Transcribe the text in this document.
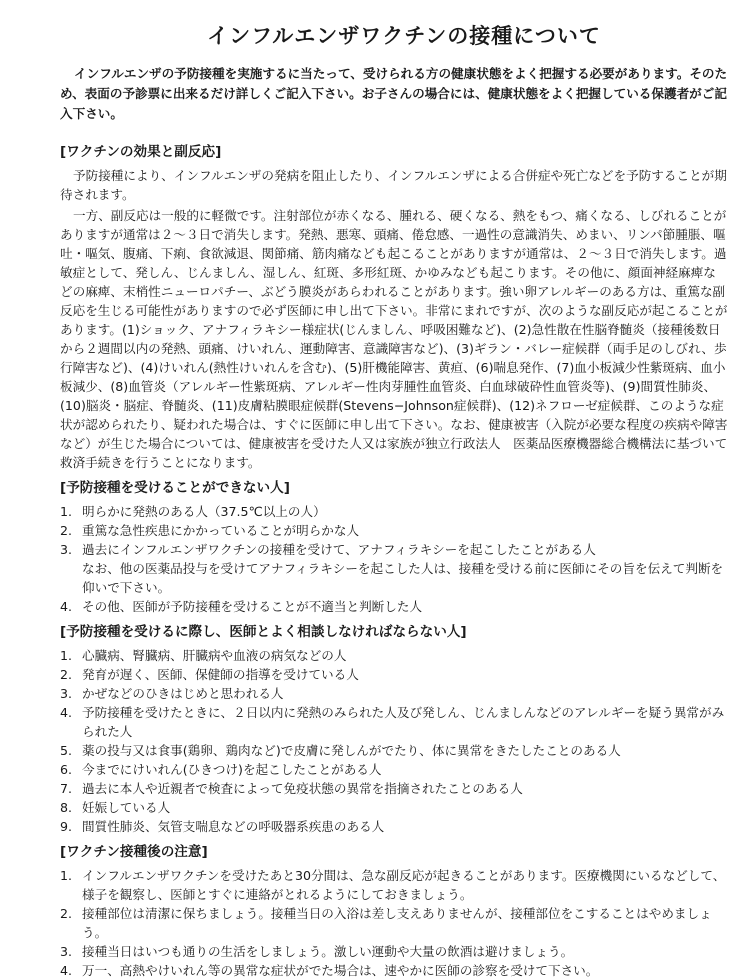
インフルエンザワクチンの接種について

インフルエンザの予防接種を実施するに当たって、受けられる方の健康状態をよく把握する必要があります。そのため、表面の予診票に出来るだけ詳しくご記入下さい。お子さんの場合には、健康状態をよく把握している保護者がご記入下さい。

[ワクチンの効果と副反応]

予防接種により、インフルエンザの発病を阻止したり、インフルエンザによる合併症や死亡などを予防することが期待されます。

一方、副反応は一般的に軽微です。注射部位が赤くなる、腫れる、硬くなる、熱をもつ、痛くなる、しびれることがありますが通常は２～３日で消失します。発熱、悪寒、頭痛、倦怠感、一過性の意識消失、めまい、リンパ節腫脹、嘔吐・嘔気、腹痛、下痢、食欲減退、関節痛、筋肉痛なども起こることがありますが通常は、２～３日で消失します。過敏症として、発しん、じんましん、湿しん、紅斑、多形紅斑、かゆみなども起こります。その他に、顔面神経麻痺などの麻痺、末梢性ニューロパチー、ぶどう膜炎があらわれることがあります。強い卵アレルギーのある方は、重篤な副反応を生じる可能性がありますので必ず医師に申し出て下さい。非常にまれですが、次のような副反応が起こることがあります。(1)ショック、アナフィラキシー様症状(じんましん、呼吸困難など)、(2)急性散在性脳脊髄炎（接種後数日から２週間以内の発熱、頭痛、けいれん、運動障害、意識障害など)、(3)ギラン・バレー症候群（両手足のしびれ、歩行障害など)、(4)けいれん(熱性けいれんを含む)、(5)肝機能障害、黄疸、(6)喘息発作、(7)血小板減少性紫斑病、血小板減少、(8)血管炎（アレルギー性紫斑病、アレルギー性肉芽腫性血管炎、白血球破砕性血管炎等)、(9)間質性肺炎、(10)脳炎・脳症、脊髄炎、(11)皮膚粘膜眼症候群(Stevens−Johnson症候群)、(12)ネフローゼ症候群、このような症状が認められたり、疑われた場合は、すぐに医師に申し出て下さい。なお、健康被害（入院が必要な程度の疾病や障害など）が生じた場合については、健康被害を受けた人又は家族が独立行政法人　医薬品医療機器総合機構法に基づいて救済手続きを行うことになります。

[予防接種を受けることができない人]
1. 明らかに発熱のある人（37.5℃以上の人）
2. 重篤な急性疾患にかかっていることが明らかな人
3. 過去にインフルエンザワクチンの接種を受けて、アナフィラキシーを起こしたことがある人
なお、他の医薬品投与を受けてアナフィラキシーを起こした人は、接種を受ける前に医師にその旨を伝えて判断を仰いで下さい。
4. その他、医師が予防接種を受けることが不適当と判断した人
[予防接種を受けるに際し、医師とよく相談しなければならない人]
1. 心臓病、腎臓病、肝臓病や血液の病気などの人
2. 発育が遅く、医師、保健師の指導を受けている人
3. かぜなどのひきはじめと思われる人
4. 予防接種を受けたときに、２日以内に発熱のみられた人及び発しん、じんましんなどのアレルギーを疑う異常がみられた人
5. 薬の投与又は食事(鶏卵、鶏肉など)で皮膚に発しんがでたり、体に異常をきたしたことのある人
6. 今までにけいれん(ひきつけ)を起こしたことがある人
7. 過去に本人や近親者で検査によって免疫状態の異常を指摘されたことのある人
8. 妊娠している人
9. 間質性肺炎、気管支喘息などの呼吸器系疾患のある人
[ワクチン接種後の注意]
1. インフルエンザワクチンを受けたあと30分間は、急な副反応が起きることがあります。医療機関にいるなどして、様子を観察し、医師とすぐに連絡がとれるようにしておきましょう。
2. 接種部位は清潔に保ちましょう。接種当日の入浴は差し支えありませんが、接種部位をこすることはやめましょう。
3. 接種当日はいつも通りの生活をしましょう。激しい運動や大量の飲酒は避けましょう。
4. 万一、高熱やけいれん等の異常な症状がでた場合は、速やかに医師の診察を受けて下さい。
